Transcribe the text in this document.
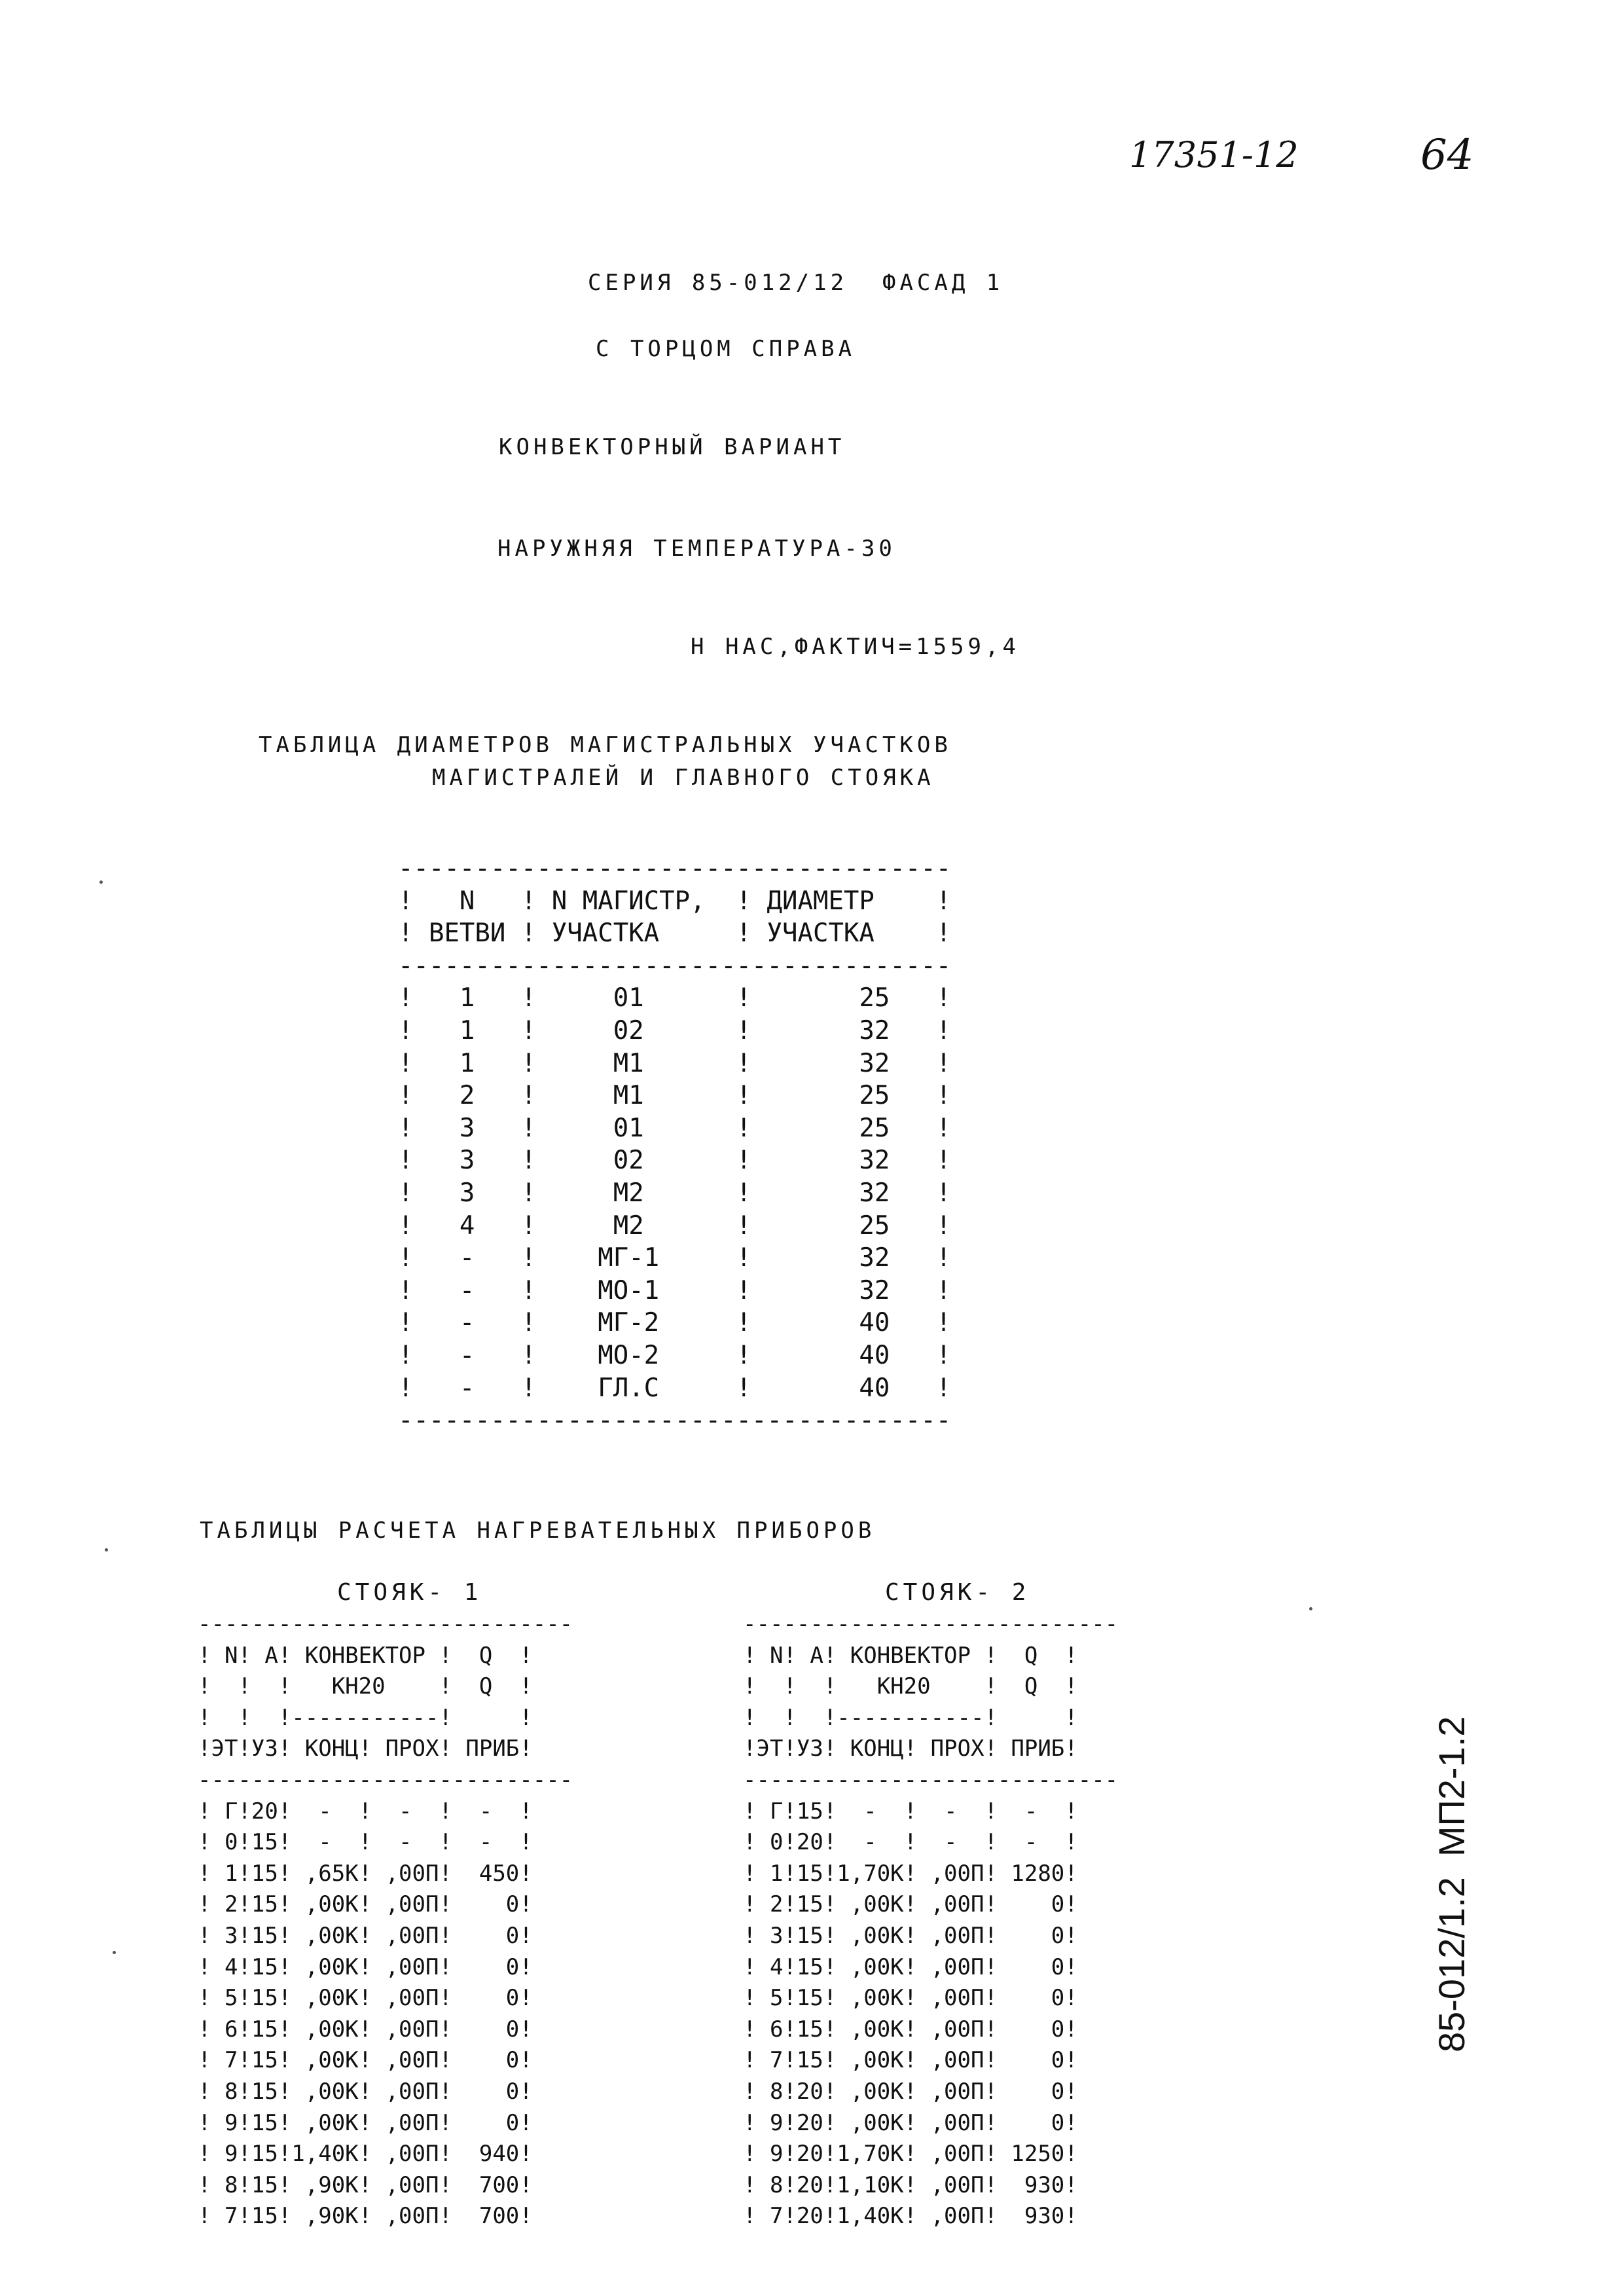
17351-12	64
СЕРИЯ 85-012/12  ФАСАД 1
С ТОРЦОМ СПРАВА
КОНВЕКТОРНЫЙ ВАРИАНТ
НАРУЖНЯЯ ТЕМПЕРАТУРА-30
Н НАС,ФАКТИЧ=1559,4
ТАБЛИЦА ДИАМЕТРОВ МАГИСТРАЛЬНЫХ УЧАСТКОВ
МАГИСТРАЛЕЙ И ГЛАВНОГО СТОЯКА
------------------------------------
!   N   ! N МАГИСТР,  ! ДИАМЕТР    !
! ВЕТВИ ! УЧАСТКА     ! УЧАСТКА    !
------------------------------------
!   1   !     01      !       25   !
!   1   !     02      !       32   !
!   1   !     М1      !       32   !
!   2   !     М1      !       25   !
!   3   !     01      !       25   !
!   3   !     02      !       32   !
!   3   !     М2      !       32   !
!   4   !     М2      !       25   !
!   -   !    МГ-1     !       32   !
!   -   !    МО-1     !       32   !
!   -   !    МГ-2     !       40   !
!   -   !    МО-2     !       40   !
!   -   !    ГЛ.С     !       40   !
------------------------------------
ТАБЛИЦЫ РАСЧЕТА НАГРЕВАТЕЛЬНЫХ ПРИБОРОВ
СТОЯК- 1
----------------------------
! N! А! КОНВЕКТОР !  Q  !
!  !  !   КН20    !  Q  !
!  !  !-----------!     !
!ЭТ!УЗ! КОНЦ! ПРОХ! ПРИБ!
----------------------------
! Г!20!  -  !  -  !  -  !
! 0!15!  -  !  -  !  -  !
! 1!15! ,65К! ,00П!  450!
! 2!15! ,00К! ,00П!    0!
! 3!15! ,00К! ,00П!    0!
! 4!15! ,00К! ,00П!    0!
! 5!15! ,00К! ,00П!    0!
! 6!15! ,00К! ,00П!    0!
! 7!15! ,00К! ,00П!    0!
! 8!15! ,00К! ,00П!    0!
! 9!15! ,00К! ,00П!    0!
! 9!15!1,40К! ,00П!  940!
! 8!15! ,90К! ,00П!  700!
! 7!15! ,90К! ,00П!  700!
СТОЯК- 2
----------------------------
! N! А! КОНВЕКТОР !  Q  !
!  !  !   КН20    !  Q  !
!  !  !-----------!     !
!ЭТ!УЗ! КОНЦ! ПРОХ! ПРИБ!
----------------------------
! Г!15!  -  !  -  !  -  !
! 0!20!  -  !  -  !  -  !
! 1!15!1,70К! ,00П! 1280!
! 2!15! ,00К! ,00П!    0!
! 3!15! ,00К! ,00П!    0!
! 4!15! ,00К! ,00П!    0!
! 5!15! ,00К! ,00П!    0!
! 6!15! ,00К! ,00П!    0!
! 7!15! ,00К! ,00П!    0!
! 8!20! ,00К! ,00П!    0!
! 9!20! ,00К! ,00П!    0!
! 9!20!1,70К! ,00П! 1250!
! 8!20!1,10К! ,00П!  930!
! 7!20!1,40К! ,00П!  930!
85-012/1.2  МП2-1.2
